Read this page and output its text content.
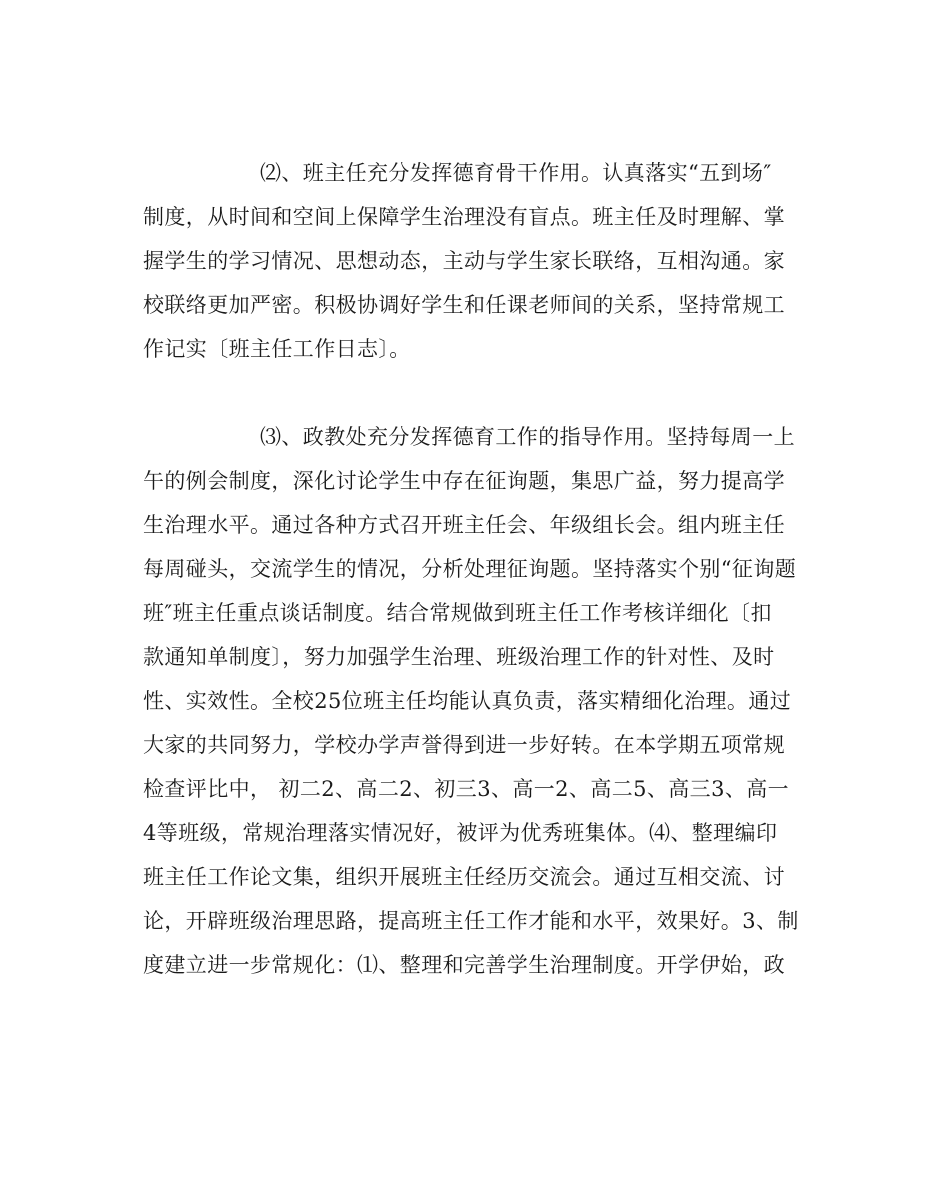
⑵、班主任充分发挥德育骨干作用。认真落实“五到场″
制度，从时间和空间上保障学生治理没有盲点。班主任及时理解、掌
握学生的学习情况、思想动态，主动与学生家长联络，互相沟通。家
校联络更加严密。积极协调好学生和任课老师间的关系，坚持常规工
作记实〔班主任工作日志〕。
⑶、政教处充分发挥德育工作的指导作用。坚持每周一上
午的例会制度，深化讨论学生中存在征询题，集思广益，努力提高学
生治理水平。通过各种方式召开班主任会、年级组长会。组内班主任
每周碰头，交流学生的情况，分析处理征询题。坚持落实个别“征询题
班″班主任重点谈话制度。结合常规做到班主任工作考核详细化〔扣
款通知单制度〕，努力加强学生治理、班级治理工作的针对性、及时
性、实效性。全校25位班主任均能认真负责，落实精细化治理。通过
大家的共同努力，学校办学声誉得到进一步好转。在本学期五项常规
检查评比中， 初二2、高二2、初三3、高一2、高二5、高三3、高一
4等班级，常规治理落实情况好，被评为优秀班集体。⑷、整理编印
班主任工作论文集，组织开展班主任经历交流会。通过互相交流、讨
论，开辟班级治理思路，提高班主任工作才能和水平，效果好。3、制
度建立进一步常规化：⑴、整理和完善学生治理制度。开学伊始，政
